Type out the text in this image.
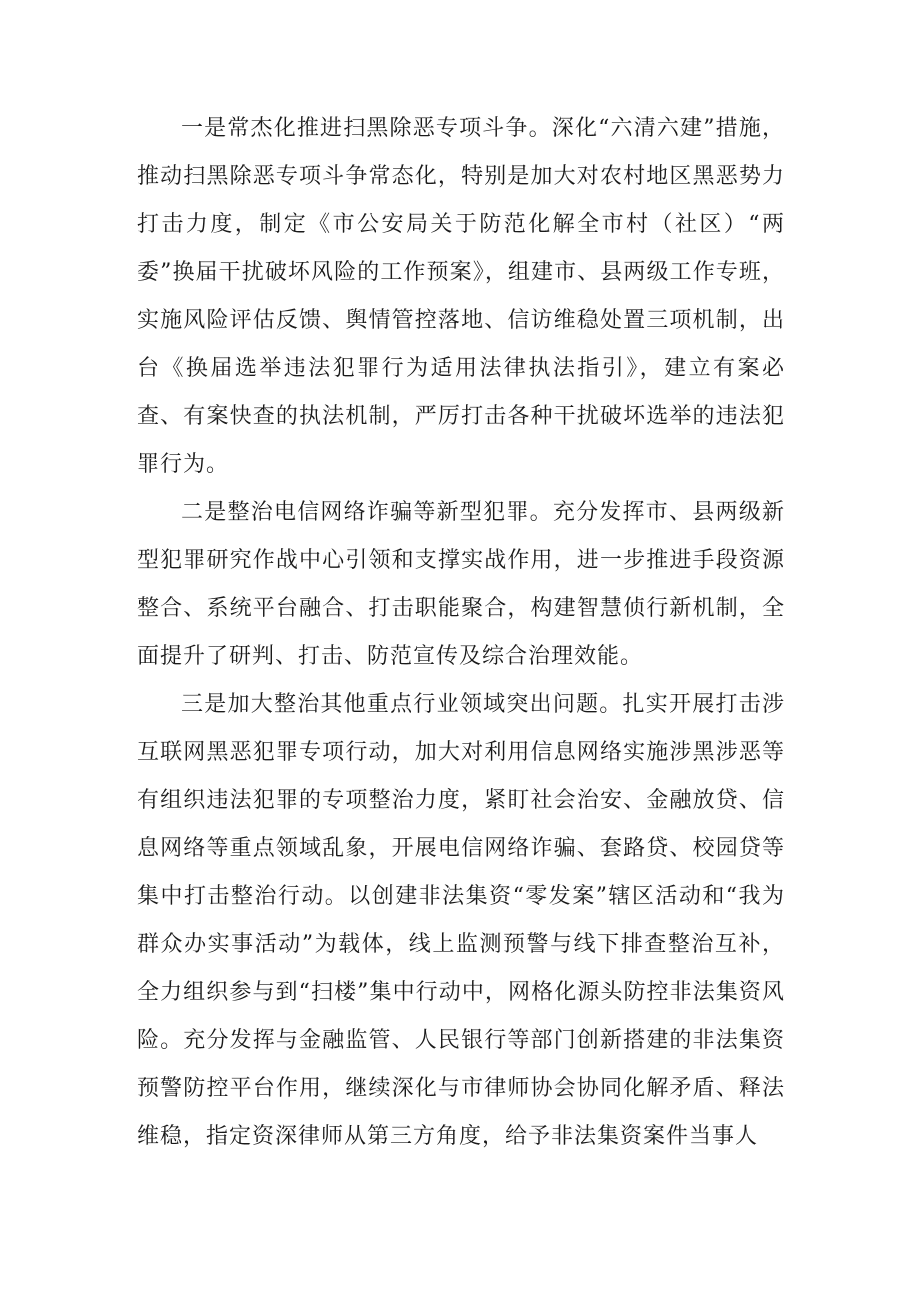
一是常杰化推进扫黑除恶专项斗争。深化“六清六建”措施，推动扫黑除恶专项斗争常态化，特别是加大对农村地区黑恶势力打击力度，制定《市公安局关于防范化解全市村（社区）“两委”换届干扰破坏风险的工作预案》，组建市、县两级工作专班，实施风险评估反馈、舆情管控落地、信访维稳处置三项机制，出台《换届选举违法犯罪行为适用法律执法指引》，建立有案必查、有案快查的执法机制，严厉打击各种干扰破坏选举的违法犯罪行为。

二是整治电信网络诈骗等新型犯罪。充分发挥市、县两级新型犯罪研究作战中心引领和支撑实战作用，进一步推进手段资源整合、系统平台融合、打击职能聚合，构建智慧侦行新机制，全面提升了研判、打击、防范宣传及综合治理效能。

三是加大整治其他重点行业领域突出问题。扎实开展打击涉互联网黑恶犯罪专项行动，加大对利用信息网络实施涉黑涉恶等有组织违法犯罪的专项整治力度，紧盯社会治安、金融放贷、信息网络等重点领域乱象，开展电信网络诈骗、套路贷、校园贷等集中打击整治行动。以创建非法集资“零发案”辖区活动和“我为群众办实事活动”为载体，线上监测预警与线下排查整治互补，全力组织参与到“扫楼”集中行动中，网格化源头防控非法集资风险。充分发挥与金融监管、人民银行等部门创新搭建的非法集资预警防控平台作用，继续深化与市律师协会协同化解矛盾、释法维稳，指定资深律师从第三方角度，给予非法集资案件当事人
